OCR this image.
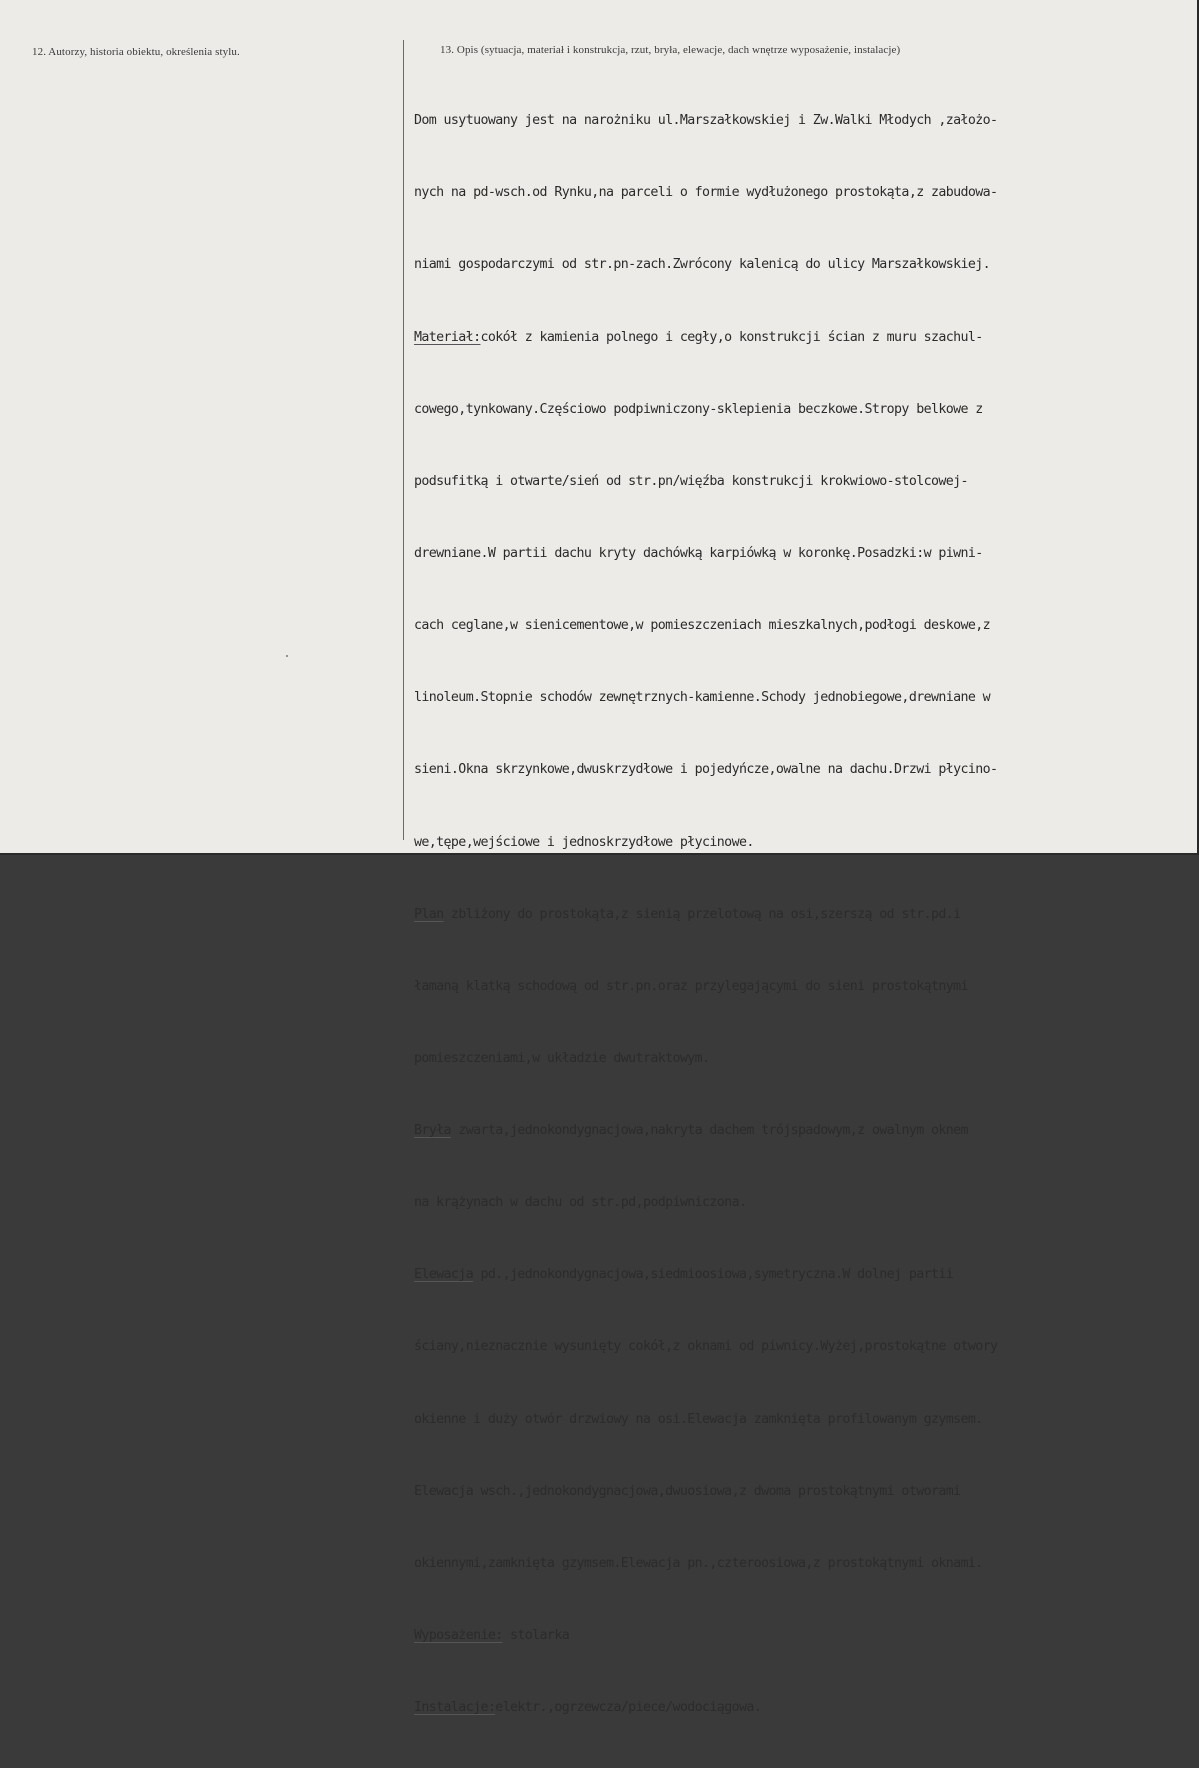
12. Autorzy, historia obiektu, określenia stylu.	13. Opis (sytuacja, materiał i konstrukcja, rzut, bryła, elewacje, dach wnętrze wyposażenie, instalacje)

Dom usytuowany jest na narożniku ul.Marszałkowskiej i Zw.Walki Młodych ,założo-

nych na pd-wsch.od Rynku,na parceli o formie wydłużonego prostokąta,z zabudowa-

niami gospodarczymi od str.pn-zach.Zwrócony kalenicą do ulicy Marszałkowskiej.

Materiał:cokół z kamienia polnego i cegły,o konstrukcji ścian z muru szachul-

cowego,tynkowany.Częściowo podpiwniczony-sklepienia beczkowe.Stropy belkowe z

podsufitką i otwarte/sień od str.pn/więźba konstrukcji krokwiowo-stolcowej-

drewniane.W partii dachu kryty dachówką karpiówką w koronkę.Posadzki:w piwni-

cach ceglane,w sienicementowe,w pomieszczeniach mieszkalnych,podłogi deskowe,z

linoleum.Stopnie schodów zewnętrznych-kamienne.Schody jednobiegowe,drewniane w

sieni.Okna skrzynkowe,dwuskrzydłowe i pojedyńcze,owalne na dachu.Drzwi płycino-

we,tępe,wejściowe i jednoskrzydłowe płycinowe.

Plan zbliżony do prostokąta,z sienią przelotową na osi,szerszą od str.pd.i

łamaną klatką schodową od str.pn.oraz przylegającymi do sieni prostokątnymi

pomieszczeniami,w układzie dwutraktowym.

Bryła zwarta,jednokondygnacjowa,nakryta dachem trójspadowym,z owalnym oknem

na krążynach w dachu od str.pd,podpiwniczona.

Elewacja pd.,jednokondygnacjowa,siedmioosiowa,symetryczna.W dolnej partii

ściany,nieznacznie wysunięty cokół,z oknami od piwnicy.Wyżej,prostokątne otwory

okienne i duży otwór drzwiowy na osi.Elewacja zamknięta profilowanym gzymsem.

Elewacja wsch.,jednokondygnacjowa,dwuosiowa,z dwoma prostokątnymi otworami

okiennymi,zamknięta gzymsem.Elewacja pn.,czteroosiowa,z prostokątnymi oknami.

Wyposażenie: stolarka

Instalacje:elektr.,ogrzewcza/piece/wodociągowa.
